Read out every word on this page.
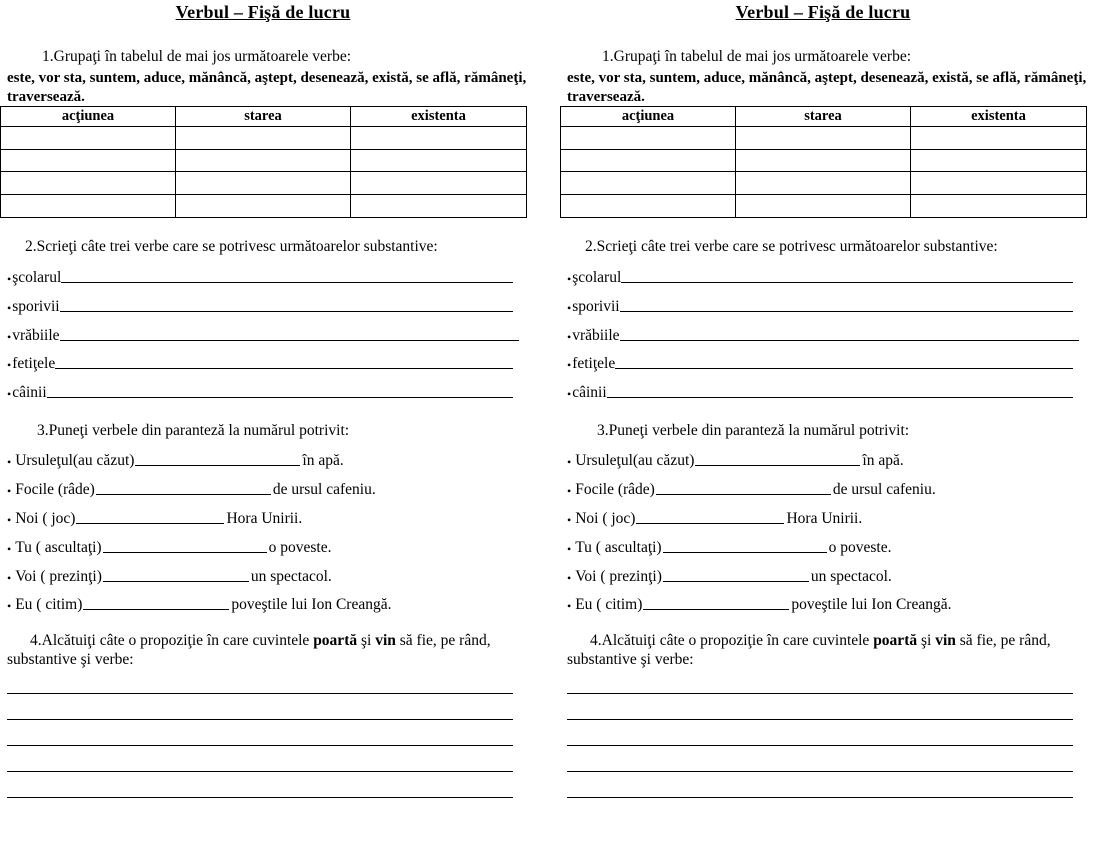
Verbul – Fişă de lucru
1.Grupaţi în tabelul de mai jos următoarele verbe:
este, vor sta, suntem, aduce, mănâncă, aştept, desenează, există, se află, rămâneţi, traversează.
acţiunea	starea	existenta

2.Scrieţi câte trei verbe care se potrivesc următoarelor substantive:
• şcolarul
• sporivii
• vrăbiile
• fetiţele
• câinii
3.Puneţi verbele din paranteză la numărul potrivit:
• Ursuleţul(au căzut)	în apă.
• Focile (râde)	de ursul cafeniu.
• Noi ( joc)	Hora Unirii.
• Tu ( ascultaţi)	o poveste.
• Voi ( prezinţi)	un spectacol.
• Eu ( citim)	poveştile lui Ion Creangă.
4.Alcătuiţi câte o propoziţie în care cuvintele poartă şi vin să fie, pe rând, substantive şi verbe:
Verbul – Fişă de lucru
1.Grupaţi în tabelul de mai jos următoarele verbe:
este, vor sta, suntem, aduce, mănâncă, aştept, desenează, există, se află, rămâneţi, traversează.
acţiunea	starea	existenta

2.Scrieţi câte trei verbe care se potrivesc următoarelor substantive:
• şcolarul
• sporivii
• vrăbiile
• fetiţele
• câinii
3.Puneţi verbele din paranteză la numărul potrivit:
• Ursuleţul(au căzut)	în apă.
• Focile (râde)	de ursul cafeniu.
• Noi ( joc)	Hora Unirii.
• Tu ( ascultaţi)	o poveste.
• Voi ( prezinţi)	un spectacol.
• Eu ( citim)	poveştile lui Ion Creangă.
4.Alcătuiţi câte o propoziţie în care cuvintele poartă şi vin să fie, pe rând, substantive şi verbe:
